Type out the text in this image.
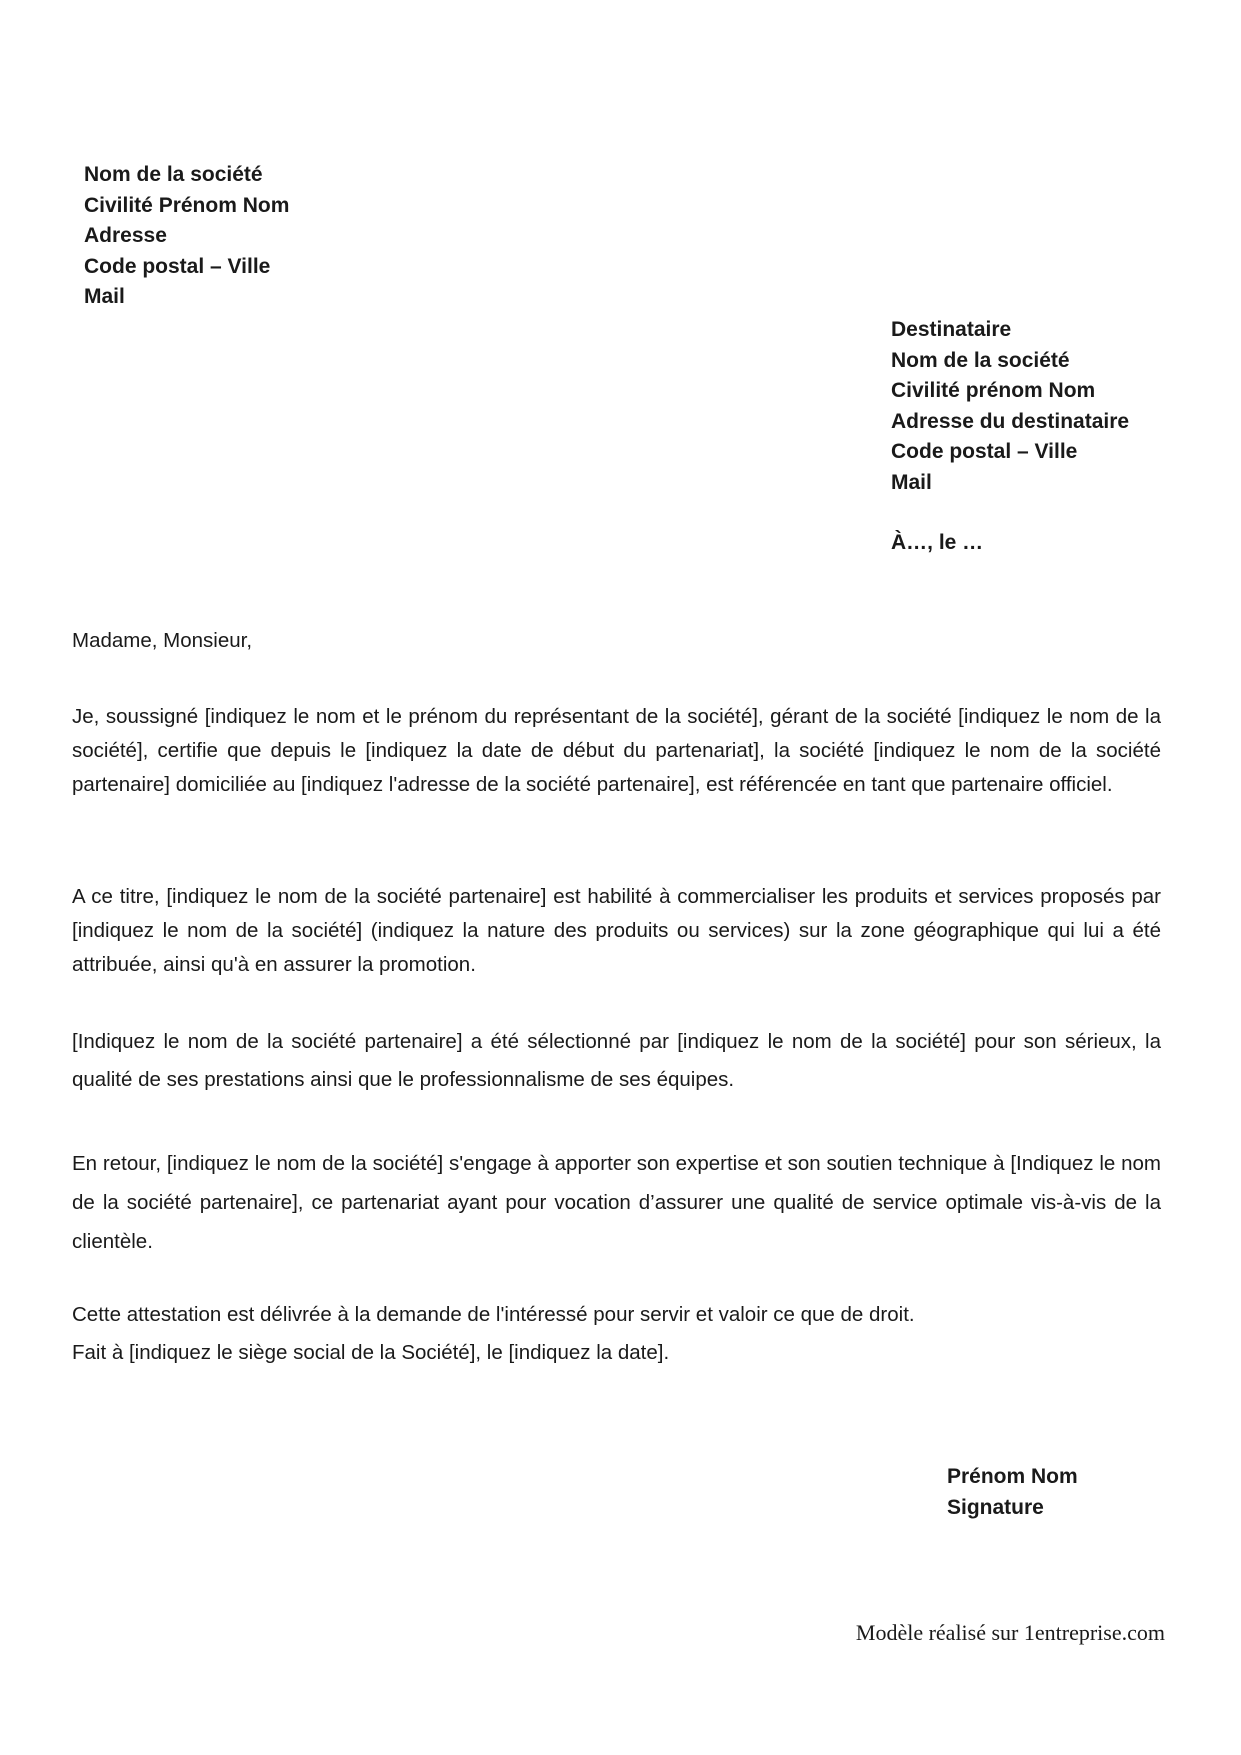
Nom de la société
Civilité Prénom Nom
Adresse
Code postal – Ville
Mail
Destinataire
Nom de la société
Civilité prénom Nom
Adresse du destinataire
Code postal – Ville
Mail
À…, le …
Madame, Monsieur,
Je, soussigné [indiquez le nom et le prénom du représentant de la société], gérant de la société [indiquez le nom de la société], certifie que depuis le [indiquez la date de début du partenariat], la société [indiquez le nom de la société partenaire] domiciliée au [indiquez l'adresse de la société partenaire], est référencée en tant que partenaire officiel.
A ce titre, [indiquez le nom de la société partenaire] est habilité à commercialiser les produits et services proposés par [indiquez le nom de la société] (indiquez la nature des produits ou services) sur la zone géographique qui lui a été attribuée, ainsi qu'à en assurer la promotion.
[Indiquez le nom de la société partenaire] a été sélectionné par [indiquez le nom de la société] pour son sérieux, la qualité de ses prestations ainsi que le professionnalisme de ses équipes.
En retour, [indiquez le nom de la société] s'engage à apporter son expertise et son soutien technique à [Indiquez le nom de la société partenaire], ce partenariat ayant pour vocation d’assurer une qualité de service optimale vis-à-vis de la clientèle.
Cette attestation est délivrée à la demande de l'intéressé pour servir et valoir ce que de droit.
Fait à [indiquez le siège social de la Société], le [indiquez la date].
Prénom Nom
Signature
Modèle réalisé sur 1entreprise.com
